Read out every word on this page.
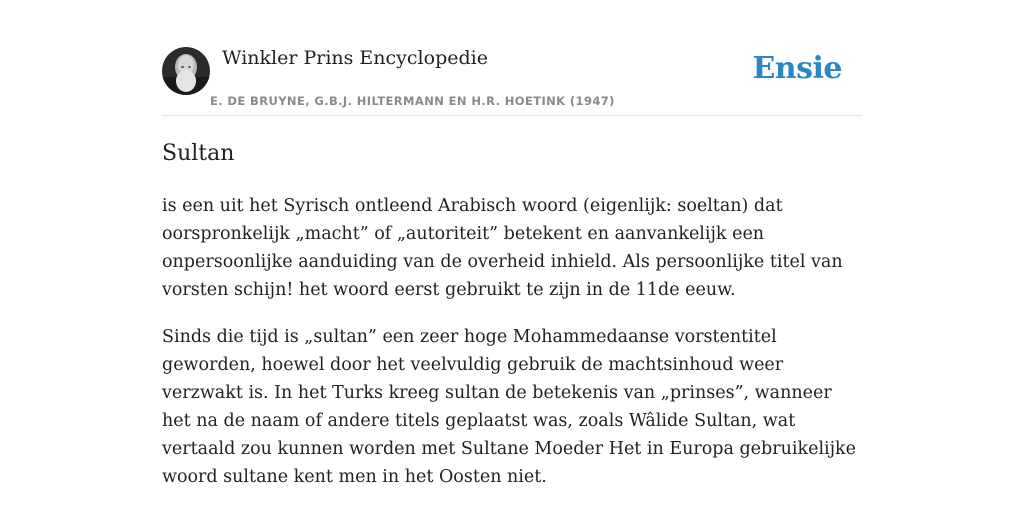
Winkler Prins Encyclopedie
E. DE BRUYNE, G.B.J. HILTERMANN EN H.R. HOETINK (1947)
Ensie
Sultan

is een uit het Syrisch ontleend Arabisch woord (eigenlijk: soeltan) dat oorspronkelijk „macht” of „autoriteit” betekent en aanvankelijk een onpersoonlijke aanduiding van de overheid inhield. Als persoonlijke titel van vorsten schijn! het woord eerst gebruikt te zijn in de 11de eeuw.

Sinds die tijd is „sultan” een zeer hoge Mohammedaanse vorstentitel geworden, hoewel door het veelvuldig gebruik de machtsinhoud weer verzwakt is. In het Turks kreeg sultan de betekenis van „prinses”, wanneer het na de naam of andere titels geplaatst was, zoals Wâlide Sultan, wat vertaald zou kunnen worden met Sultane Moeder Het in Europa gebruikelijke woord sultane kent men in het Oosten niet.
